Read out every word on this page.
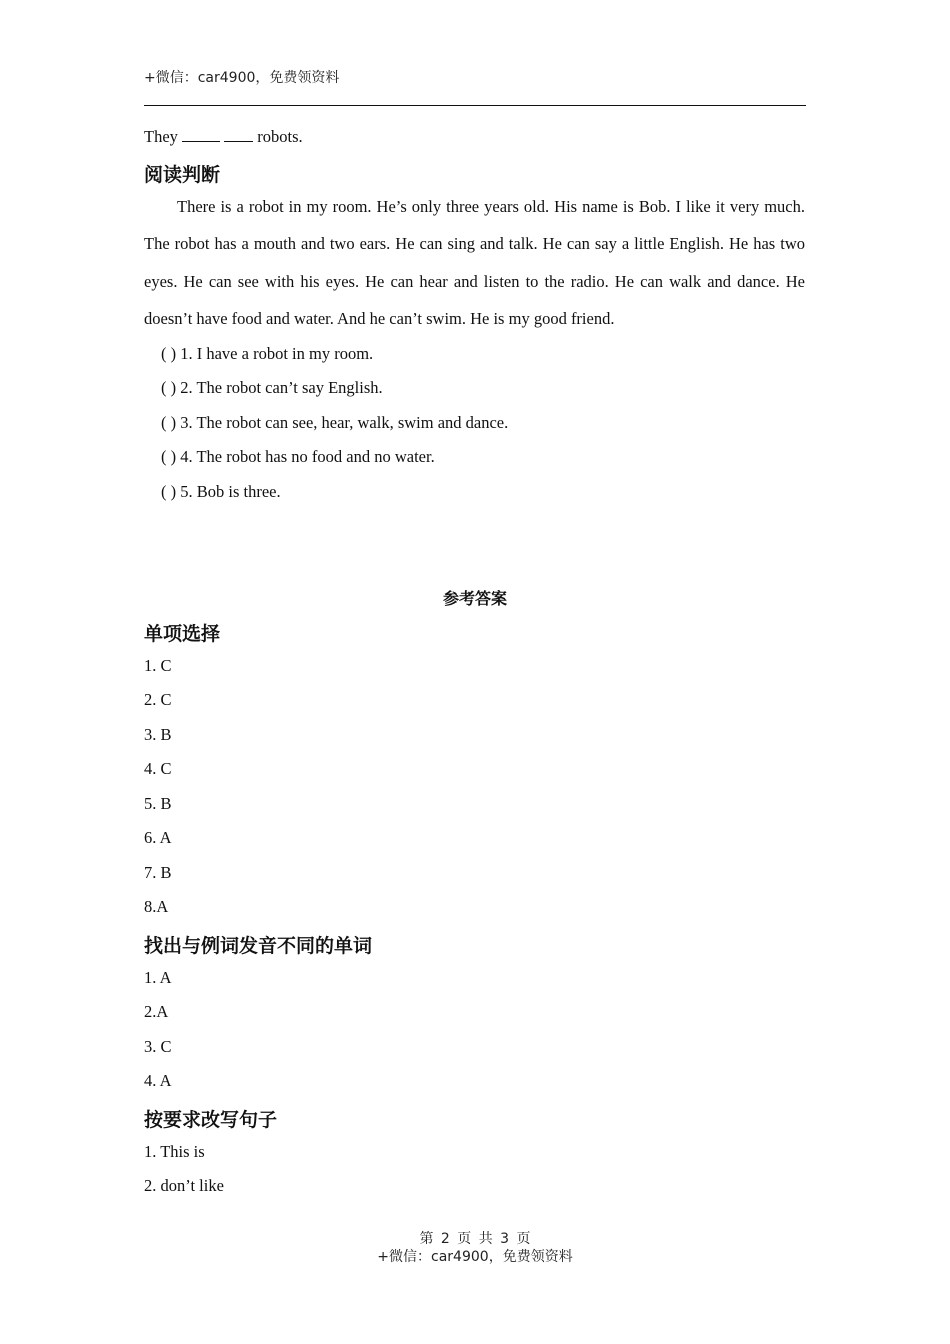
+微信：car4900，免费领资料
They	robots.
阅读判断

There is a robot in my room. He’s only three years old. His name is Bob. I like it very much. The robot has a mouth and two ears. He can sing and talk. He can say a little English. He has two eyes. He can see with his eyes. He can hear and listen to the radio. He can walk and dance. He doesn’t have food and water. And he can’t swim. He is my good friend.

( ) 1. I have a robot in my room.
( ) 2. The robot can’t say English.
( ) 3. The robot can see, hear, walk, swim and dance.
( ) 4. The robot has no food and no water.
( ) 5. Bob is three.
参考答案
单项选择
1. C
2. C
3. B
4. C
5. B
6. A
7. B
8.A
找出与例词发音不同的单词
1. A
2.A
3. C
4. A
按要求改写句子
1. This is
2. don’t like
第 2 页 共 3 页
+微信：car4900，免费领资料
